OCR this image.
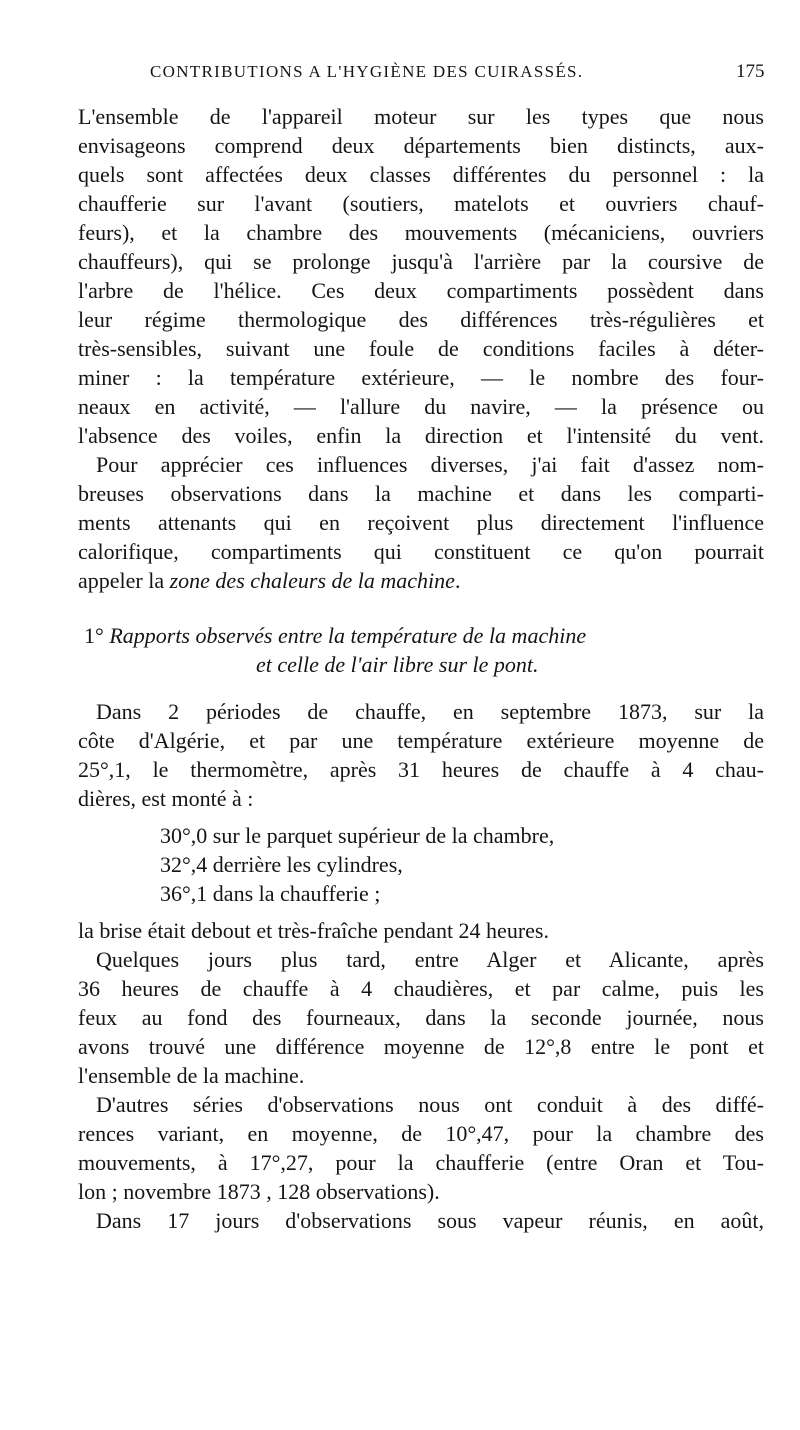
CONTRIBUTIONS A L'HYGIÈNE DES CUIRASSÉS.	175
L'ensemble de l'appareil moteur sur les types que nous
envisageons comprend deux départements bien distincts, aux-
quels sont affectées deux classes différentes du personnel : la
chaufferie sur l'avant (soutiers, matelots et ouvriers chauf-
feurs), et la chambre des mouvements (mécaniciens, ouvriers
chauffeurs), qui se prolonge jusqu'à l'arrière par la coursive de
l'arbre de l'hélice. Ces deux compartiments possèdent dans
leur régime thermologique des différences très-régulières et
très-sensibles, suivant une foule de conditions faciles à déter-
miner : la température extérieure, — le nombre des four-
neaux en activité, — l'allure du navire, — la présence ou
l'absence des voiles, enfin la direction et l'intensité du vent.
Pour apprécier ces influences diverses, j'ai fait d'assez nom-
breuses observations dans la machine et dans les comparti-
ments attenants qui en reçoivent plus directement l'influence
calorifique, compartiments qui constituent ce qu'on pourrait
appeler la zone des chaleurs de la machine.
1° Rapports observés entre la température de la machine
et celle de l'air libre sur le pont.
Dans 2 périodes de chauffe, en septembre 1873, sur la
côte d'Algérie, et par une température extérieure moyenne de
25°,1, le thermomètre, après 31 heures de chauffe à 4 chau-
dières, est monté à :
30°,0 sur le parquet supérieur de la chambre,
32°,4 derrière les cylindres,
36°,1 dans la chaufferie ;
la brise était debout et très-fraîche pendant 24 heures.
Quelques jours plus tard, entre Alger et Alicante, après
36 heures de chauffe à 4 chaudières, et par calme, puis les
feux au fond des fourneaux, dans la seconde journée, nous
avons trouvé une différence moyenne de 12°,8 entre le pont et
l'ensemble de la machine.
D'autres séries d'observations nous ont conduit à des diffé-
rences variant, en moyenne, de 10°,47, pour la chambre des
mouvements, à 17°,27, pour la chaufferie (entre Oran et Tou-
lon ; novembre 1873 , 128 observations).
Dans 17 jours d'observations sous vapeur réunis, en août,
